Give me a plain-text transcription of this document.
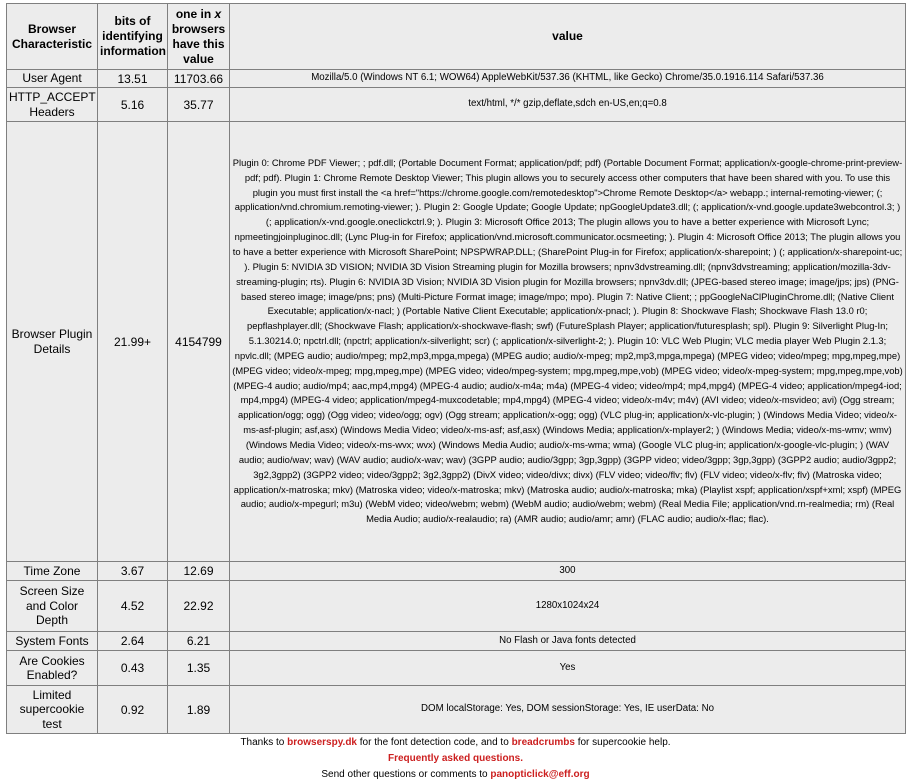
Browser Characteristic	bits of identifying information	one in x browsers have this value	value
User Agent	13.51	11703.66	Mozilla/5.0 (Windows NT 6.1; WOW64) AppleWebKit/537.36 (KHTML, like Gecko) Chrome/35.0.1916.114 Safari/537.36
HTTP_ACCEPT Headers	5.16	35.77	text/html, */* gzip,deflate,sdch en-US,en;q=0.8
Browser Plugin Details	21.99+	4154799	Plugin 0: Chrome PDF Viewer; ; pdf.dll; (Portable Document Format; application/pdf; pdf) (Portable Document Format; application/x-google-chrome-print-preview-pdf; pdf). Plugin 1: Chrome Remote Desktop Viewer; This plugin allows you to securely access other computers that have been shared with you. To use this plugin you must first install the <a href="https://chrome.google.com/remotedesktop">Chrome Remote Desktop</a> webapp.; internal-remoting-viewer; (; application/vnd.chromium.remoting-viewer; ). Plugin 2: Google Update; Google Update; npGoogleUpdate3.dll; (; application/x-vnd.google.update3webcontrol.3; ) (; application/x-vnd.google.oneclickctrl.9; ). Plugin 3: Microsoft Office 2013; The plugin allows you to have a better experience with Microsoft Lync; npmeetingjoinpluginoc.dll; (Lync Plug-in for Firefox; application/vnd.microsoft.communicator.ocsmeeting; ). Plugin 4: Microsoft Office 2013; The plugin allows you to have a better experience with Microsoft SharePoint; NPSPWRAP.DLL; (SharePoint Plug-in for Firefox; application/x-sharepoint; ) (; application/x-sharepoint-uc; ). Plugin 5: NVIDIA 3D VISION; NVIDIA 3D Vision Streaming plugin for Mozilla browsers; npnv3dvstreaming.dll; (npnv3dvstreaming; application/mozilla-3dv-streaming-plugin; rts). Plugin 6: NVIDIA 3D Vision; NVIDIA 3D Vision plugin for Mozilla browsers; npnv3dv.dll; (JPEG-based stereo image; image/jps; jps) (PNG-based stereo image; image/pns; pns) (Multi-Picture Format image; image/mpo; mpo). Plugin 7: Native Client; ; ppGoogleNaClPluginChrome.dll; (Native Client Executable; application/x-nacl; ) (Portable Native Client Executable; application/x-pnacl; ). Plugin 8: Shockwave Flash; Shockwave Flash 13.0 r0; pepflashplayer.dll; (Shockwave Flash; application/x-shockwave-flash; swf) (FutureSplash Player; application/futuresplash; spl). Plugin 9: Silverlight Plug-In; 5.1.30214.0; npctrl.dll; (npctrl; application/x-silverlight; scr) (; application/x-silverlight-2; ). Plugin 10: VLC Web Plugin; VLC media player Web Plugin 2.1.3; npvlc.dll; (MPEG audio; audio/mpeg; mp2,mp3,mpga,mpega) (MPEG audio; audio/x-mpeg; mp2,mp3,mpga,mpega) (MPEG video; video/mpeg; mpg,mpeg,mpe) (MPEG video; video/x-mpeg; mpg,mpeg,mpe) (MPEG video; video/mpeg-system; mpg,mpeg,mpe,vob) (MPEG video; video/x-mpeg-system; mpg,mpeg,mpe,vob) (MPEG-4 audio; audio/mp4; aac,mp4,mpg4) (MPEG-4 audio; audio/x-m4a; m4a) (MPEG-4 video; video/mp4; mp4,mpg4) (MPEG-4 video; application/mpeg4-iod; mp4,mpg4) (MPEG-4 video; application/mpeg4-muxcodetable; mp4,mpg4) (MPEG-4 video; video/x-m4v; m4v) (AVI video; video/x-msvideo; avi) (Ogg stream; application/ogg; ogg) (Ogg video; video/ogg; ogv) (Ogg stream; application/x-ogg; ogg) (VLC plug-in; application/x-vlc-plugin; ) (Windows Media Video; video/x-ms-asf-plugin; asf,asx) (Windows Media Video; video/x-ms-asf; asf,asx) (Windows Media; application/x-mplayer2; ) (Windows Media; video/x-ms-wmv; wmv) (Windows Media Video; video/x-ms-wvx; wvx) (Windows Media Audio; audio/x-ms-wma; wma) (Google VLC plug-in; application/x-google-vlc-plugin; ) (WAV audio; audio/wav; wav) (WAV audio; audio/x-wav; wav) (3GPP audio; audio/3gpp; 3gp,3gpp) (3GPP video; video/3gpp; 3gp,3gpp) (3GPP2 audio; audio/3gpp2; 3g2,3gpp2) (3GPP2 video; video/3gpp2; 3g2,3gpp2) (DivX video; video/divx; divx) (FLV video; video/flv; flv) (FLV video; video/x-flv; flv) (Matroska video; application/x-matroska; mkv) (Matroska video; video/x-matroska; mkv) (Matroska audio; audio/x-matroska; mka) (Playlist xspf; application/xspf+xml; xspf) (MPEG audio; audio/x-mpegurl; m3u) (WebM video; video/webm; webm) (WebM audio; audio/webm; webm) (Real Media File; application/vnd.rn-realmedia; rm) (Real Media Audio; audio/x-realaudio; ra) (AMR audio; audio/amr; amr) (FLAC audio; audio/x-flac; flac).
Time Zone	3.67	12.69	300
Screen Size and Color Depth	4.52	22.92	1280x1024x24
System Fonts	2.64	6.21	No Flash or Java fonts detected
Are Cookies Enabled?	0.43	1.35	Yes
Limited supercookie test	0.92	1.89	DOM localStorage: Yes, DOM sessionStorage: Yes, IE userData: No
Thanks to browserspy.dk for the font detection code, and to breadcrumbs for supercookie help.
Frequently asked questions.
Send other questions or comments to panopticlick@eff.org
